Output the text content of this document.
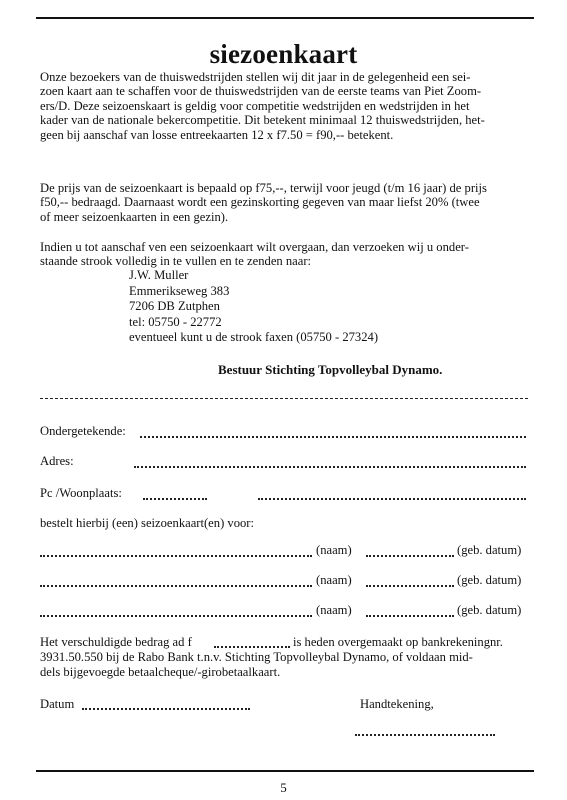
siezoenkaart
Onze bezoekers van de thuiswedstrijden stellen wij dit jaar in de gelegenheid een sei-
zoen kaart aan te schaffen voor de thuiswedstrijden van de eerste teams van Piet Zoom-
ers/D. Deze seizoenskaart is geldig voor competitie wedstrijden en wedstrijden in het
kader van de nationale bekercompetitie. Dit betekent minimaal 12 thuiswedstrijden, het-
geen bij aanschaf van losse entreekaarten 12 x f7.50 = f90,-- betekent.
De prijs van de seizoenkaart is bepaald op f75,--, terwijl voor jeugd (t/m 16 jaar) de prijs
f50,-- bedraagd. Daarnaast wordt een gezinskorting gegeven van maar liefst 20% (twee
of meer seizoenkaarten in een gezin).
Indien u tot aanschaf ven een seizoenkaart wilt overgaan, dan verzoeken wij u onder-
staande strook volledig in te vullen en te zenden naar:
J.W. Muller
Emmerikseweg 383
7206 DB Zutphen
tel: 05750 - 22772
eventueel kunt u de strook faxen (05750 - 27324)
Bestuur Stichting Topvolleybal Dynamo.
Ondergetekende:
Adres:
Pc /Woonplaats:
bestelt hierbij (een) seizoenkaart(en) voor:
(naam)	(geb. datum)
(naam)	(geb. datum)
(naam)	(geb. datum)
Het verschuldigde bedrag ad f	is heden overgemaakt op bankrekeningnr.
3931.50.550 bij de Rabo Bank t.n.v. Stichting Topvolleybal Dynamo, of voldaan mid-
dels bijgevoegde betaalcheque/-girobetaalkaart.
Datum	Handtekening,
5
